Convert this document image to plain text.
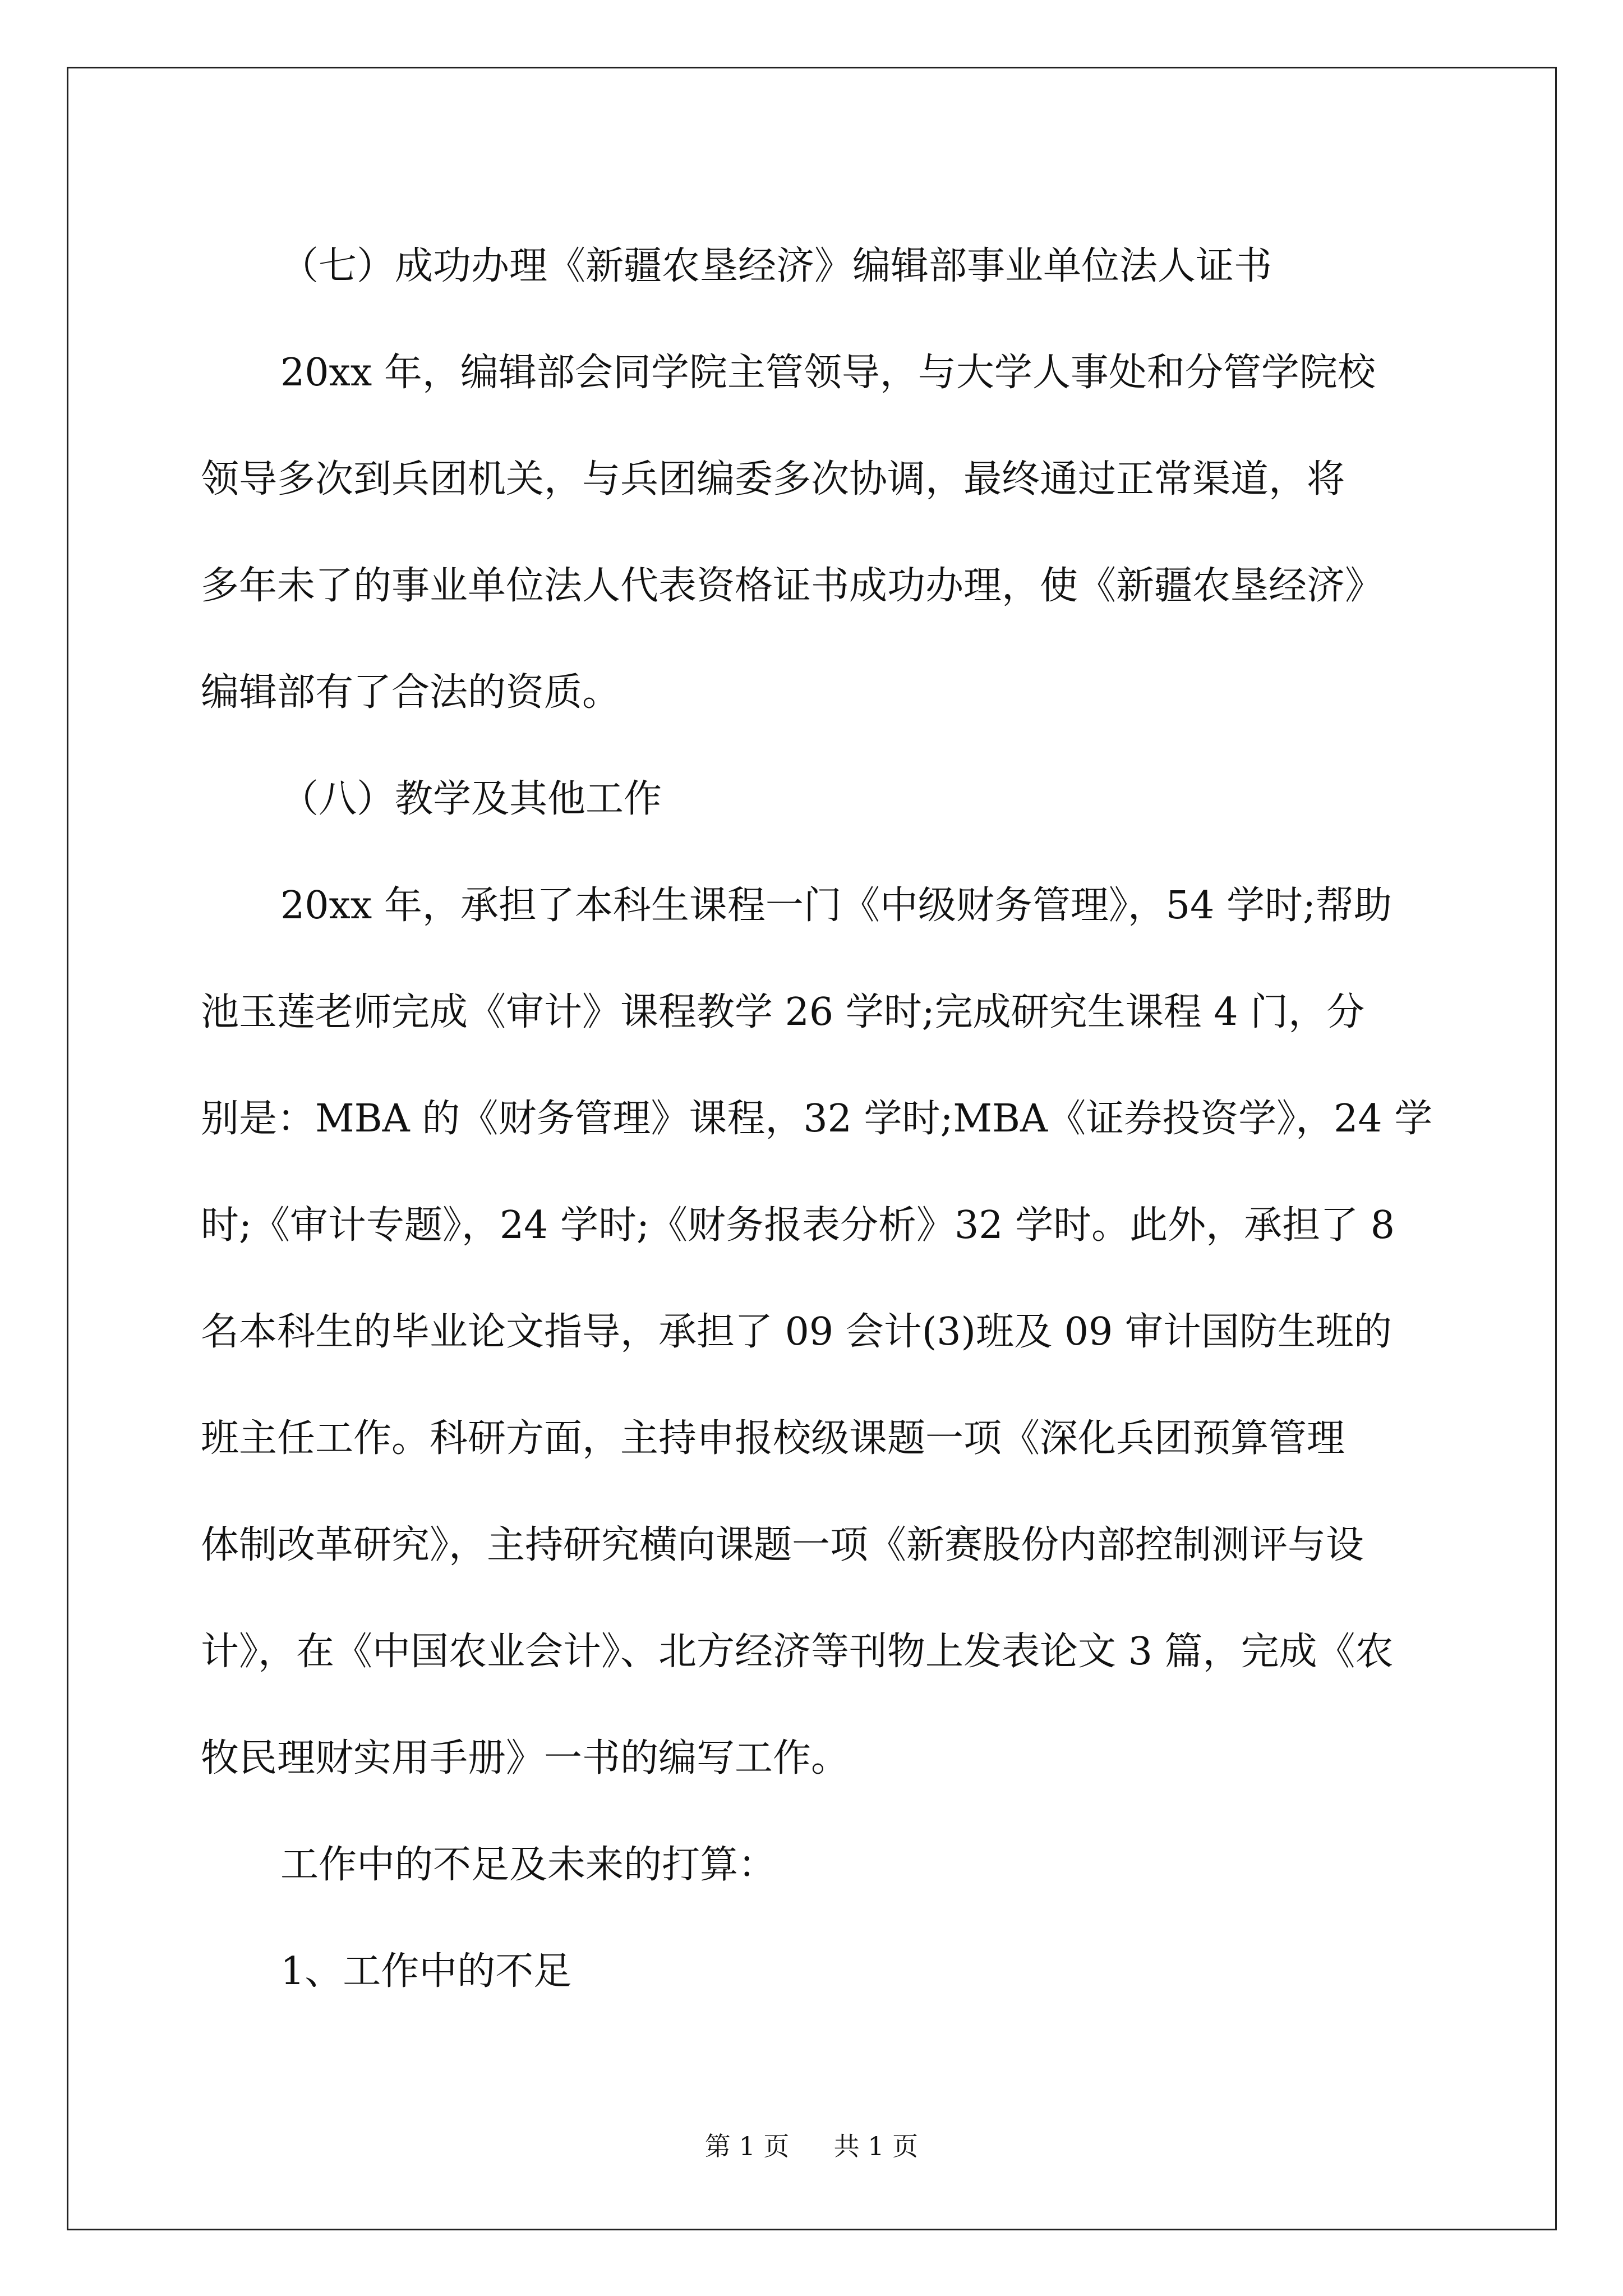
（七）成功办理《新疆农垦经济》编辑部事业单位法人证书
20xx 年，编辑部会同学院主管领导，与大学人事处和分管学院校
领导多次到兵团机关，与兵团编委多次协调，最终通过正常渠道，将
多年未了的事业单位法人代表资格证书成功办理，使《新疆农垦经济》
编辑部有了合法的资质。
（八）教学及其他工作
20xx 年，承担了本科生课程一门《中级财务管理》，54 学时;帮助
池玉莲老师完成《审计》课程教学 26 学时;完成研究生课程 4 门，分
别是：MBA 的《财务管理》课程，32 学时;MBA《证券投资学》，24 学
时;《审计专题》，24 学时;《财务报表分析》32 学时。此外，承担了 8
名本科生的毕业论文指导，承担了 09 会计(3)班及 09 审计国防生班的
班主任工作。科研方面，主持申报校级课题一项《深化兵团预算管理
体制改革研究》，主持研究横向课题一项《新赛股份内部控制测评与设
计》，在《中国农业会计》、北方经济等刊物上发表论文 3 篇，完成《农
牧民理财实用手册》一书的编写工作。
工作中的不足及未来的打算：
1、工作中的不足
第 1 页 共 1 页
